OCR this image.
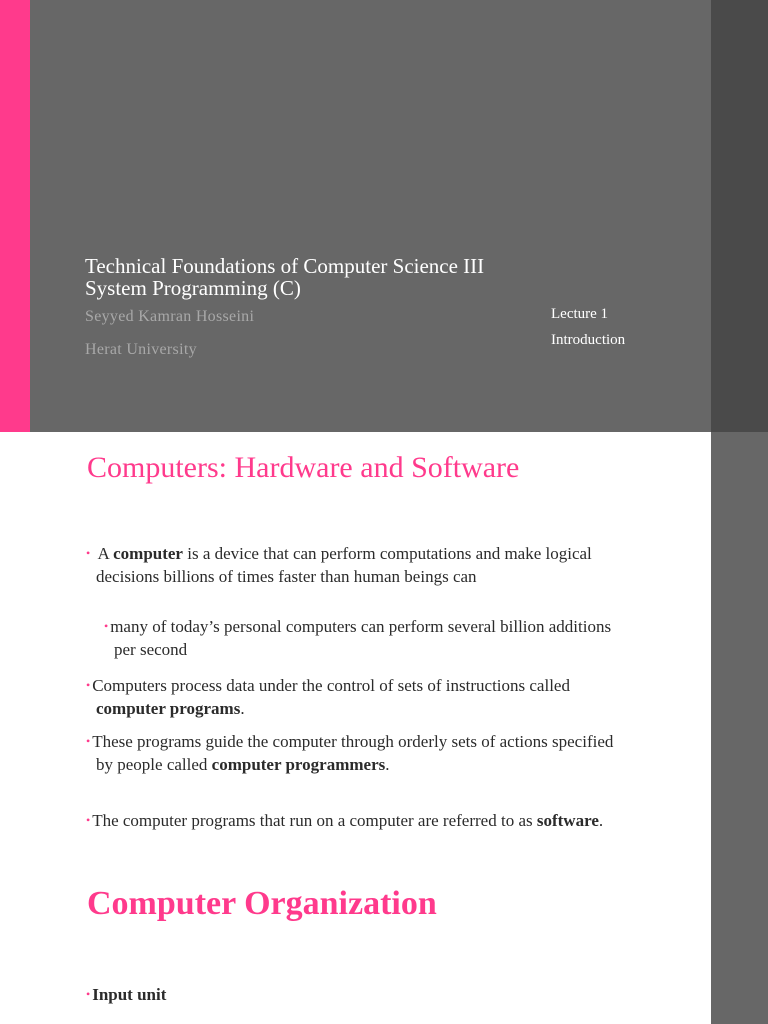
Technical Foundations of Computer Science III
System Programming (C)
Seyyed Kamran Hosseini
Herat University
Lecture 1
Introduction
Computers: Hardware and Software

• A computer is a device that can perform computations and make logical decisions billions of times faster than human beings can

• many of today’s personal computers can perform several billion additions per second

• Computers process data under the control of sets of instructions called computer programs.

• These programs guide the computer through orderly sets of actions specified by people called computer programmers.

• The computer programs that run on a computer are referred to as software.

Computer Organization

• Input unit
